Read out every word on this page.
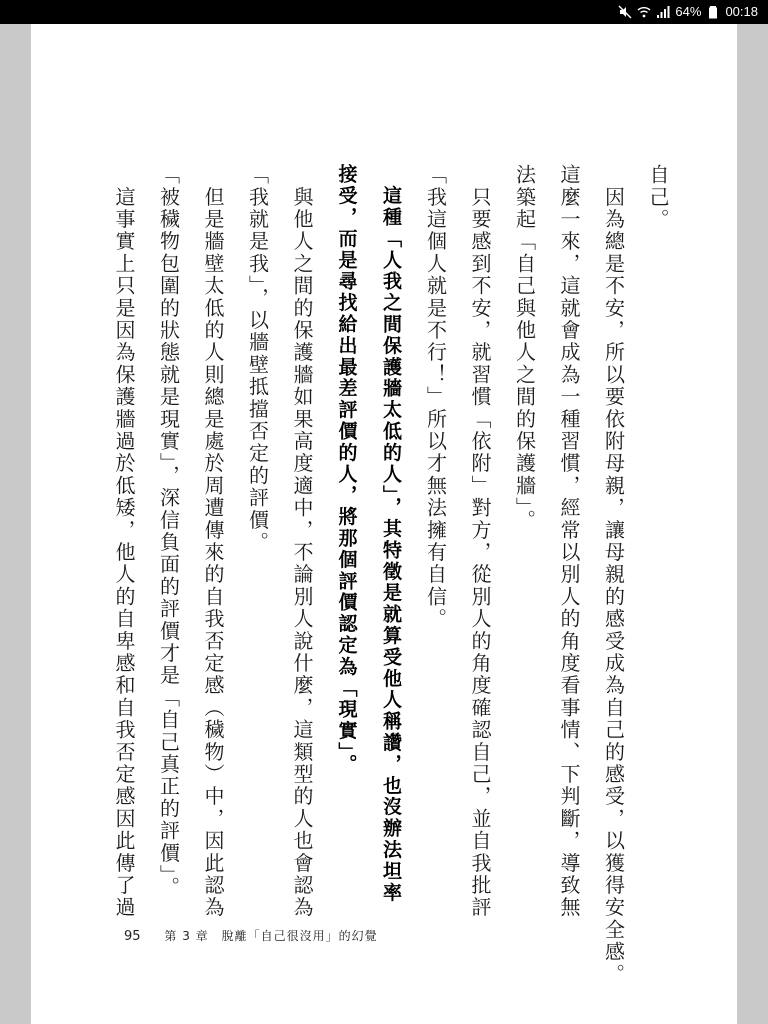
64% 00:18
自己。
　因為總是不安，所以要依附母親，讓母親的感受成為自己的感受，以獲得安全感。
這麼一來，這就會成為一種習慣，經常以別人的角度看事情、下判斷，導致無
法築起「自己與他人之間的保護牆」。
　只要感到不安，就習慣「依附」對方，從別人的角度確認自己，並自我批評
「我這個人就是不行！」所以才無法擁有自信。
　這種「人我之間保護牆太低的人」，其特徵是就算受他人稱讚，也沒辦法坦率
接受，而是尋找給出最差評價的人，將那個評價認定為「現實」。
　與他人之間的保護牆如果高度適中，不論別人說什麼，這類型的人也會認為
「我就是我」，以牆壁抵擋否定的評價。
　但是牆壁太低的人則總是處於周遭傳來的自我否定感（穢物）中，因此認為
「被穢物包圍的狀態就是現實」，深信負面的評價才是「自己真正的評價」。
　這事實上只是因為保護牆過於低矮，他人的自卑感和自我否定感因此傳了過
95 第 3 章　脫離「自己很沒用」的幻覺
